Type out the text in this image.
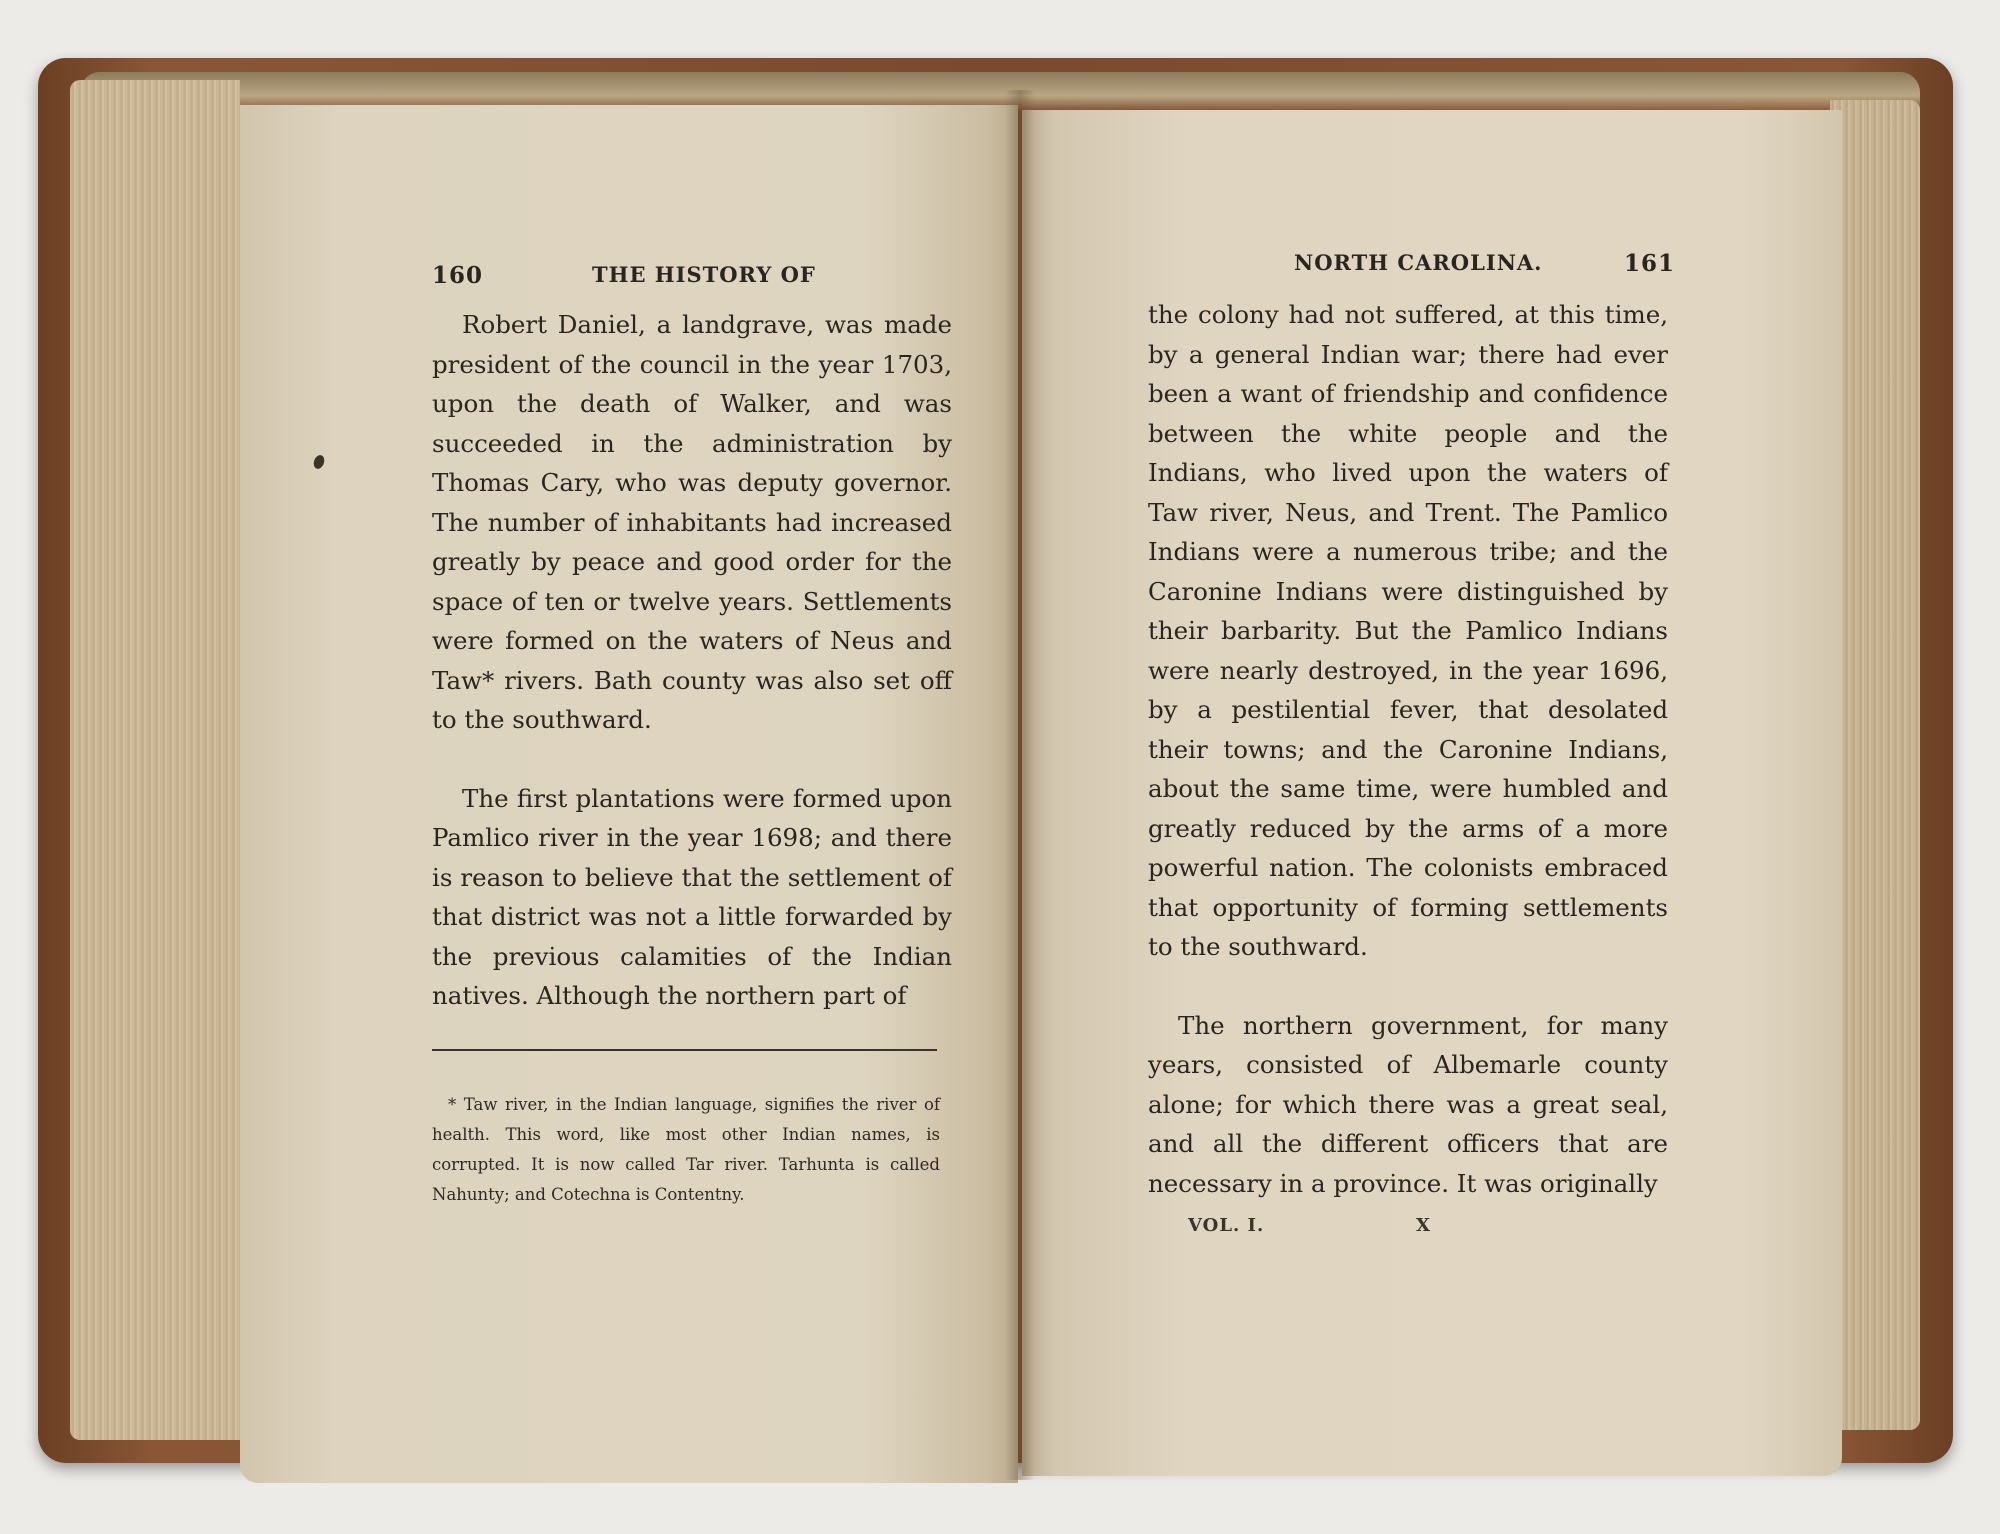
160	THE HISTORY OF

Robert Daniel, a landgrave, was made president of the council in the year 1703, upon the death of Walker, and was succeeded in the administration by Thomas Cary, who was deputy governor. The number of inhabitants had increased greatly by peace and good order for the space of ten or twelve years. Settlements were formed on the waters of Neus and Taw* rivers. Bath county was also set off to the southward.

The first plantations were formed upon Pamlico river in the year 1698; and there is reason to believe that the settlement of that district was not a little forwarded by the previous calamities of the Indian natives. Although the northern part of

* Taw river, in the Indian language, signifies the river of health. This word, like most other Indian names, is corrupted. It is now called Tar river. Tarhunta is called Nahunty; and Cotechna is Contentny.
NORTH CAROLINA.	161

the colony had not suffered, at this time, by a general Indian war; there had ever been a want of friendship and confidence between the white people and the Indians, who lived upon the waters of Taw river, Neus, and Trent. The Pamlico Indians were a numerous tribe; and the Caronine Indians were distinguished by their barbarity. But the Pamlico Indians were nearly destroyed, in the year 1696, by a pestilential fever, that desolated their towns; and the Caronine Indians, about the same time, were humbled and greatly reduced by the arms of a more powerful nation. The colonists embraced that opportunity of forming settlements to the southward.

The northern government, for many years, consisted of Albemarle county alone; for which there was a great seal, and all the different officers that are necessary in a province. It was originally

VOL. I.	X
